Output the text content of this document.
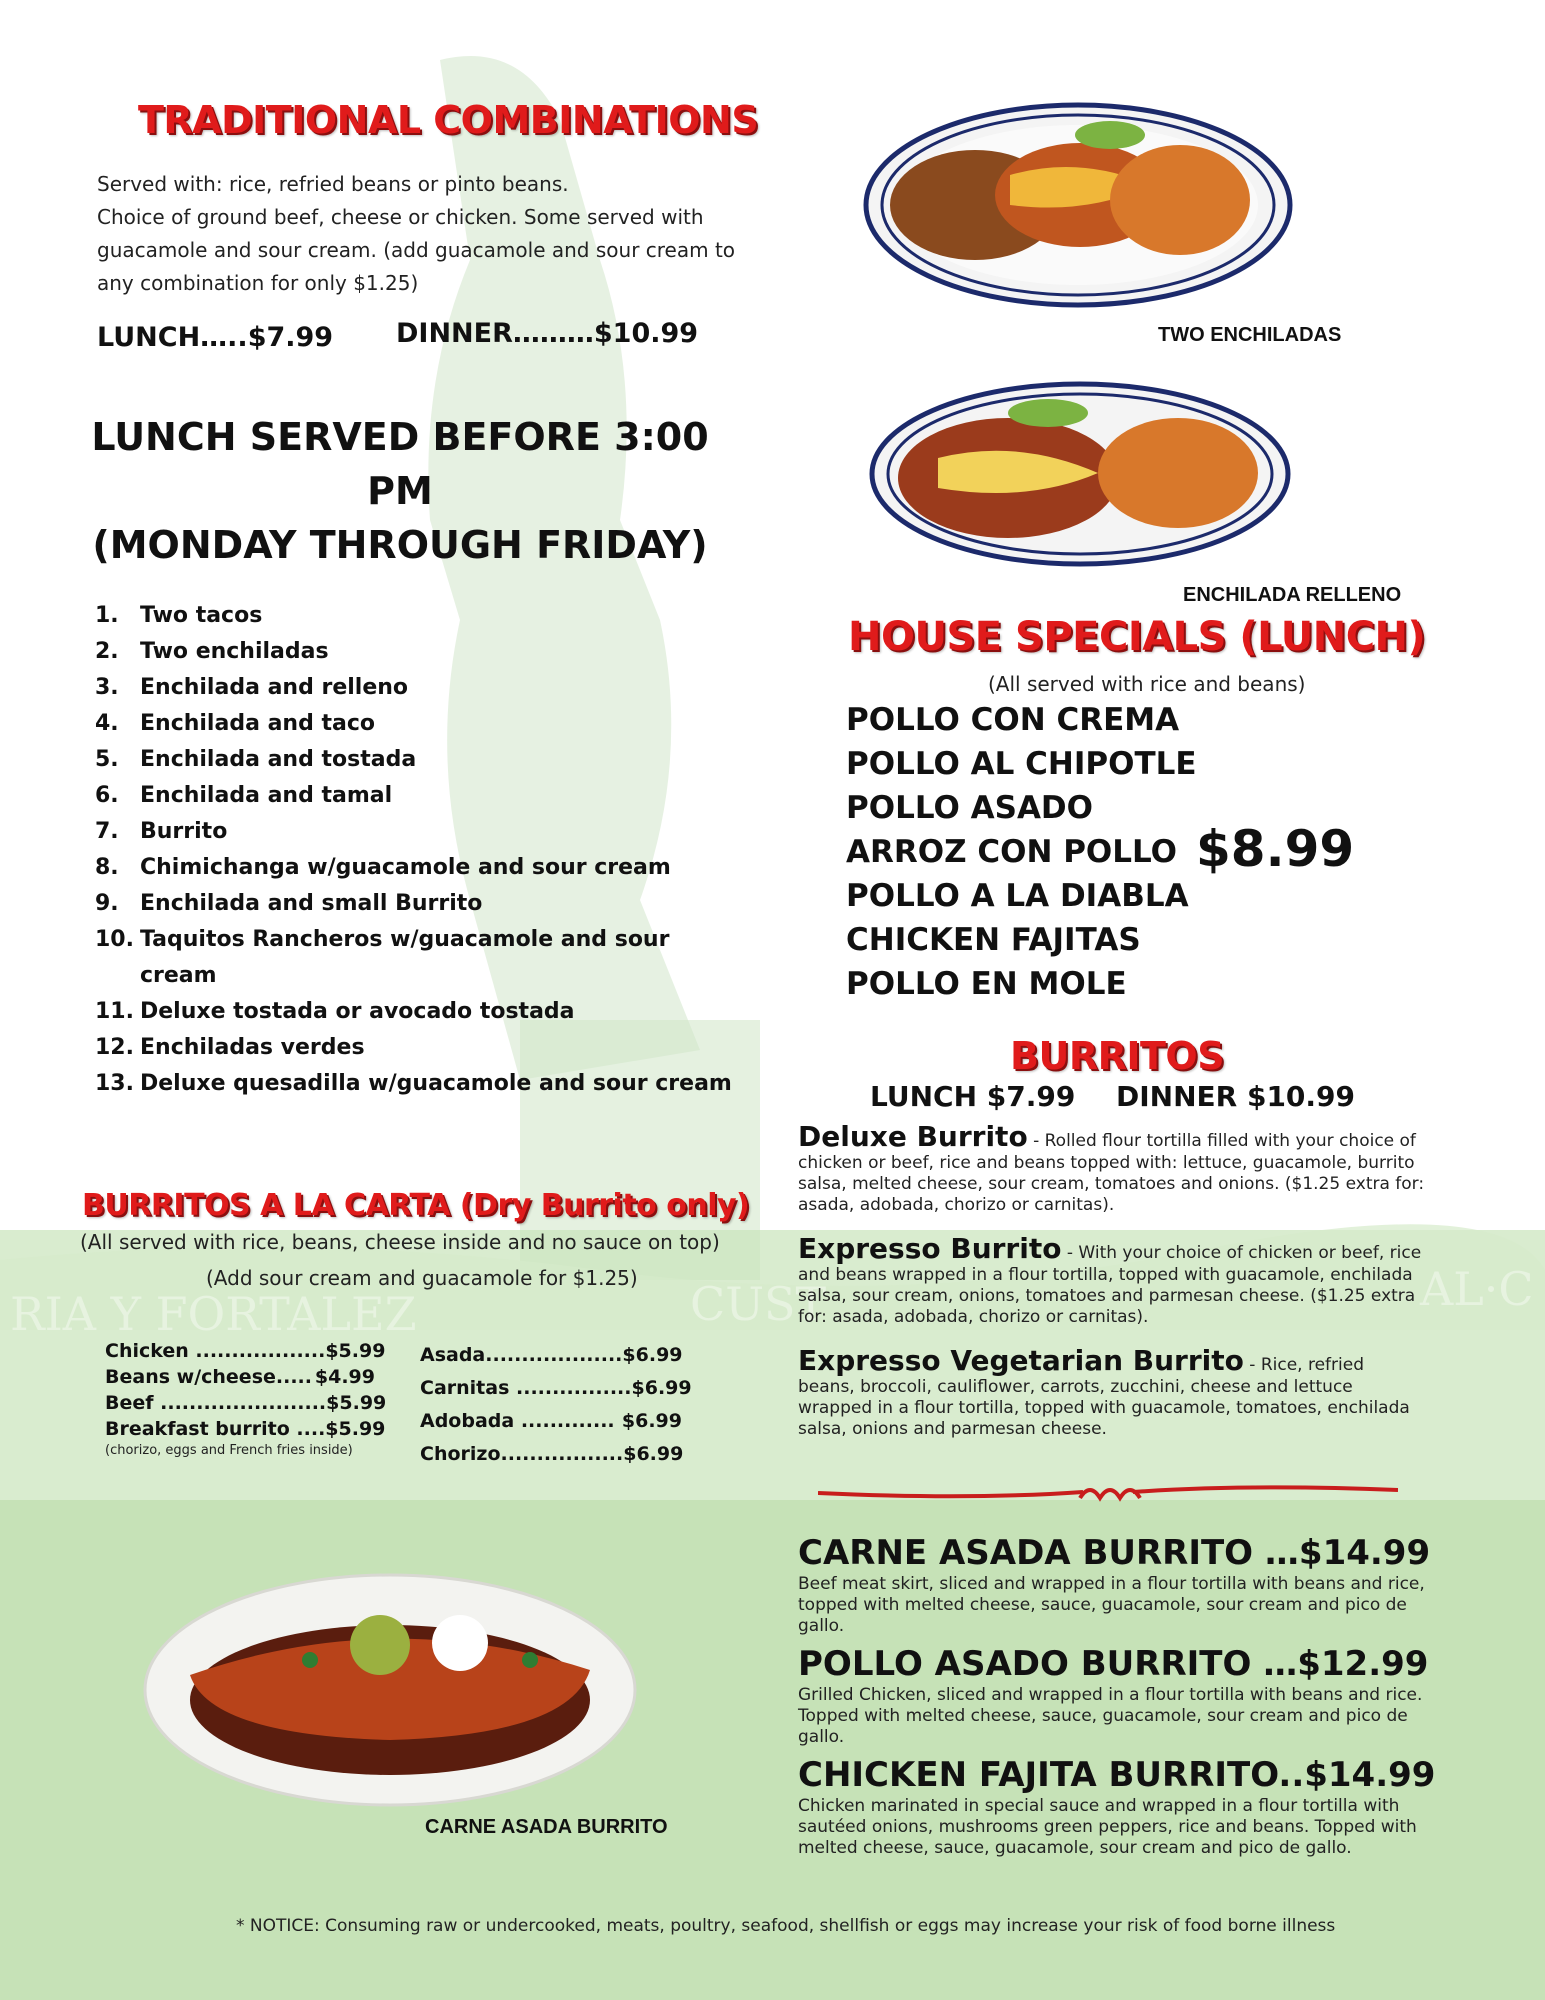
RIA Y FORTALEZ	CUST	AL·C
TRADITIONAL COMBINATIONS
Served with: rice, refried beans or pinto beans.
Choice of ground beef, cheese or chicken. Some served with
guacamole and sour cream. (add guacamole and sour cream to
any combination for only $1.25)
LUNCH…..$7.99 DINNER………$10.99
LUNCH SERVED BEFORE 3:00 PM
(MONDAY THROUGH FRIDAY)
1. Two tacos
2. Two enchiladas
3. Enchilada and relleno
4. Enchilada and taco
5. Enchilada and tostada
6. Enchilada and tamal
7. Burrito
8. Chimichanga w/guacamole and sour cream
9. Enchilada and small Burrito
10. Taquitos Rancheros w/guacamole and sour
cream
11. Deluxe tostada or avocado tostada
12. Enchiladas verdes
13. Deluxe quesadilla w/guacamole and sour cream
BURRITOS A LA CARTA (Dry Burrito only)
(All served with rice, beans, cheese inside and no sauce on top)
(Add sour cream and guacamole for $1.25)
Chicken .................. $5.99
Beans w/cheese..... $4.99
Beef ....................... $5.99
Breakfast burrito .... $5.99
(chorizo, eggs and French fries inside)
Asada................... $6.99
Carnitas ................ $6.99
Adobada ............. $6.99
Chorizo................. $6.99
TWO ENCHILADAS
ENCHILADA RELLENO
HOUSE SPECIALS (LUNCH)
(All served with rice and beans)
POLLO CON CREMA
POLLO AL CHIPOTLE
POLLO ASADO
ARROZ CON POLLO
POLLO A LA DIABLA
CHICKEN FAJITAS
POLLO EN MOLE
$8.99
BURRITOS
LUNCH $7.99 DINNER $10.99
Deluxe Burrito - Rolled flour tortilla filled with your choice of chicken or beef, rice and beans topped with: lettuce, guacamole, burrito salsa, melted cheese, sour cream, tomatoes and onions. ($1.25 extra for: asada, adobada, chorizo or carnitas).
Expresso Burrito - With your choice of chicken or beef, rice and beans wrapped in a flour tortilla, topped with guacamole, enchilada salsa, sour cream, onions, tomatoes and parmesan cheese. ($1.25 extra for: asada, adobada, chorizo or carnitas).
Expresso Vegetarian Burrito - Rice, refried beans, broccoli, cauliflower, carrots, zucchini, cheese and lettuce wrapped in a flour tortilla, topped with guacamole, tomatoes, enchilada salsa, onions and parmesan cheese.
CARNE ASADA BURRITO …$14.99
Beef meat skirt, sliced and wrapped in a flour tortilla with beans and rice, topped with melted cheese, sauce, guacamole, sour cream and pico de gallo.
POLLO ASADO BURRITO …$12.99
Grilled Chicken, sliced and wrapped in a flour tortilla with beans and rice. Topped with melted cheese, sauce, guacamole, sour cream and pico de gallo.
CHICKEN FAJITA BURRITO..$14.99
Chicken marinated in special sauce and wrapped in a flour tortilla with sautéed onions, mushrooms green peppers, rice and beans. Topped with melted cheese, sauce, guacamole, sour cream and pico de gallo.
CARNE ASADA BURRITO
* NOTICE: Consuming raw or undercooked, meats, poultry, seafood, shellfish or eggs may increase your risk of food borne illness
